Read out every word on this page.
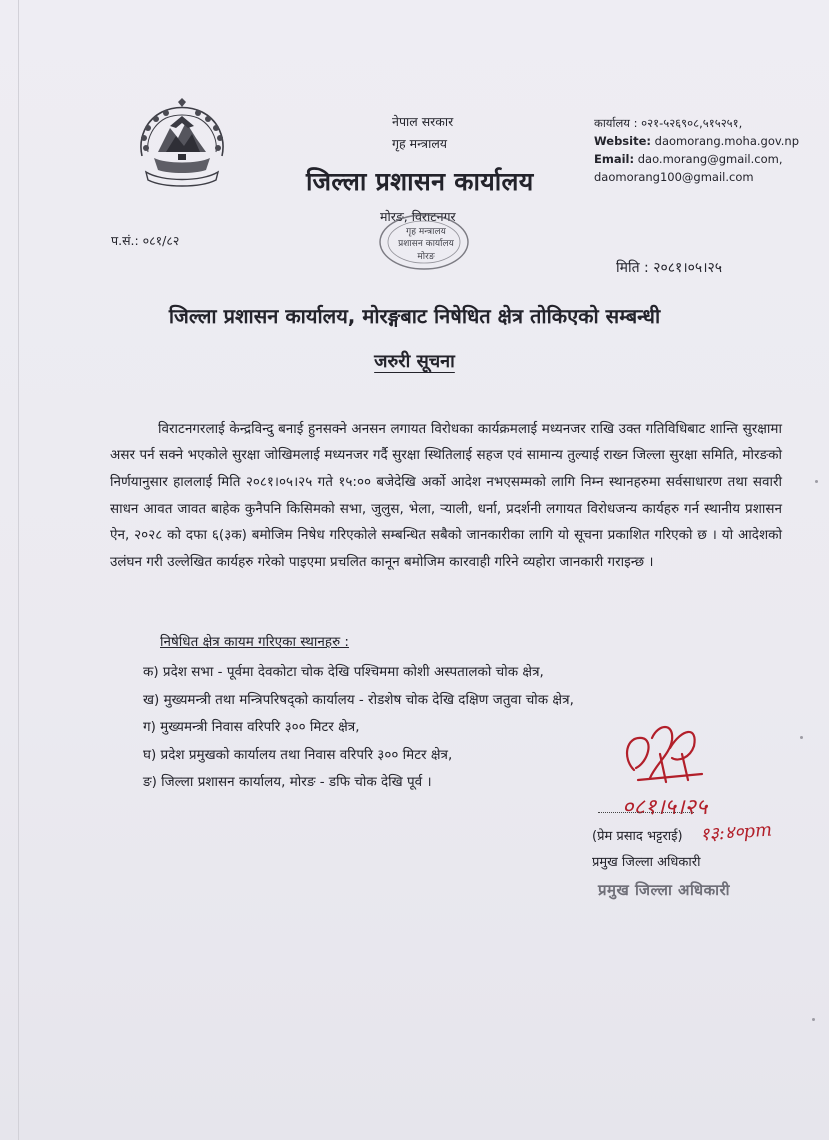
नेपाल सरकार
गृह मन्त्रालय
जिल्ला प्रशासन कार्यालय
मोरङ, विराटनगर
गृह मन्त्रालय
प्रशासन कार्यालय
मोरङ
कार्यालय : ०२१-५२६९०८,५१५२५१,
Website: daomorang.moha.gov.np
Email: dao.morang@gmail.com,
daomorang100@gmail.com
प.सं.: ०८१/८२
मिति : २०८१।०५।२५
जिल्ला प्रशासन कार्यालय, मोरङ्गबाट निषेधित क्षेत्र तोकिएको सम्बन्धी
जरुरी सूचना

विराटनगरलाई केन्द्रविन्दु बनाई हुनसक्ने अनसन लगायत विरोधका कार्यक्रमलाई मध्यनजर राखि उक्त गतिविधिबाट शान्ति सुरक्षामा असर पर्न सक्ने भएकोले सुरक्षा जोखिमलाई मध्यनजर गर्दै सुरक्षा स्थितिलाई सहज एवं सामान्य तुल्याई राख्न जिल्ला सुरक्षा समिति, मोरङको निर्णयानुसार हाललाई मिति २०८१।०५।२५ गते १५:०० बजेदेखि अर्को आदेश नभएसम्मको लागि निम्न स्थानहरुमा सर्वसाधारण तथा सवारी साधन आवत जावत बाहेक कुनैपनि किसिमको सभा, जुलुस, भेला, र्‍याली, धर्ना, प्रदर्शनी लगायत विरोधजन्य कार्यहरु गर्न स्थानीय प्रशासन ऐन, २०२८ को दफा ६(३क) बमोजिम निषेध गरिएकोले सम्बन्धित सबैको जानकारीका लागि यो सूचना प्रकाशित गरिएको छ । यो आदेशको उलंघन गरी उल्लेखित कार्यहरु गरेको पाइएमा प्रचलित कानून बमोजिम कारवाही गरिने व्यहोरा जानकारी गराइन्छ ।

निषेधित क्षेत्र कायम गरिएका स्थानहरु :
क) प्रदेश सभा - पूर्वमा देवकोटा चोक देखि पश्चिममा कोशी अस्पतालको चोक क्षेत्र,
ख) मुख्यमन्त्री तथा मन्त्रिपरिषद्को कार्यालय - रोडशेष चोक देखि दक्षिण जतुवा चोक क्षेत्र,
ग) मुख्यमन्त्री निवास वरिपरि ३०० मिटर क्षेत्र,
घ) प्रदेश प्रमुखको कार्यालय तथा निवास वरिपरि ३०० मिटर क्षेत्र,
ङ) जिल्ला प्रशासन कार्यालय, मोरङ - डफि चोक देखि पूर्व ।
०८१।५।२५
(प्रेम प्रसाद भट्टराई) १३:४०pm
प्रमुख जिल्ला अधिकारी
प्रमुख जिल्ला अधिकारी
